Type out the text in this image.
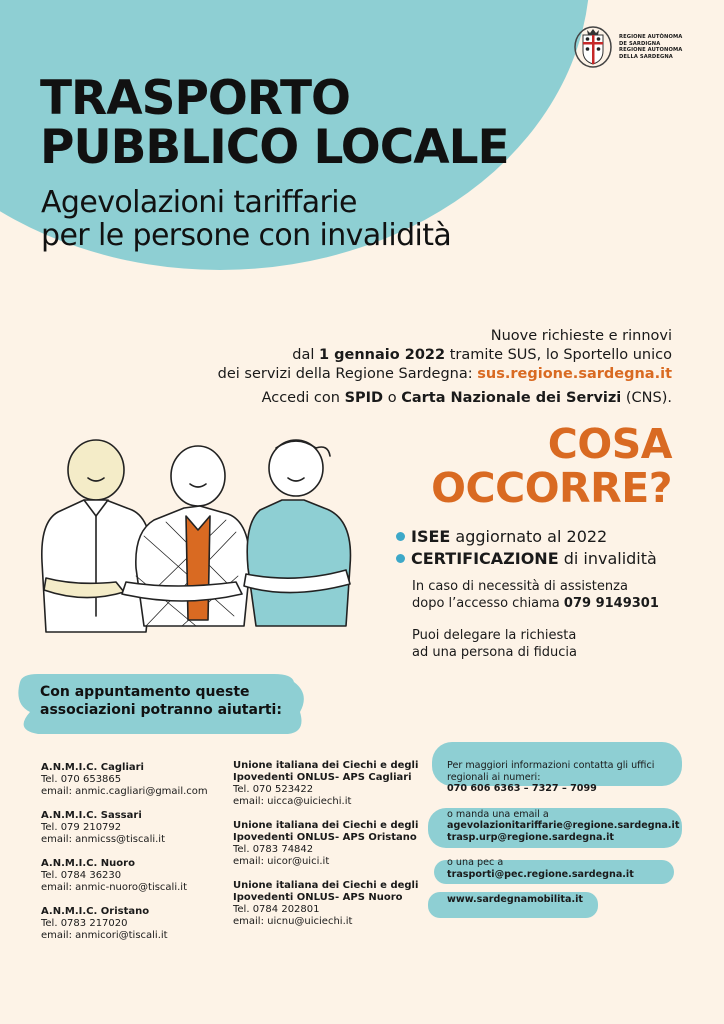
REGIONE AUTÒNOMA
DE SARDIGNA
REGIONE AUTONOMA
DELLA SARDEGNA
TRASPORTO
PUBBLICO LOCALE
Agevolazioni tariffarie
per le persone con invalidità
Nuove richieste e rinnovi
dal 1 gennaio 2022 tramite SUS, lo Sportello unico
dei servizi della Regione Sardegna: sus.regione.sardegna.it
Accedi con SPID o Carta Nazionale dei Servizi (CNS).
COSA
OCCORRE?
ISEE aggiornato al 2022
CERTIFICAZIONE di invalidità
In caso di necessità di assistenza
dopo l’accesso chiama 079 9149301
Puoi delegare la richiesta
ad una persona di fiducia
Con appuntamento queste
associazioni potranno aiutarti:
A.N.M.I.C. Cagliari
Tel. 070 653865
email: anmic.cagliari@gmail.com
A.N.M.I.C. Sassari
Tel. 079 210792
email: anmicss@tiscali.it
A.N.M.I.C. Nuoro
Tel. 0784 36230
email: anmic-nuoro@tiscali.it
A.N.M.I.C. Oristano
Tel. 0783 217020
email: anmicori@tiscali.it
Unione italiana dei Ciechi e degli Ipovedenti ONLUS- APS Cagliari
Tel. 070 523422
email: uicca@uiciechi.it
Unione italiana dei Ciechi e degli Ipovedenti ONLUS- APS Oristano
Tel. 0783 74842
email: uicor@uici.it
Unione italiana dei Ciechi e degli Ipovedenti ONLUS- APS Nuoro
Tel. 0784 202801
email: uicnu@uiciechi.it

Per maggiori informazioni contatta gli uffici regionali ai numeri:
070 606 6363 – 7327 – 7099

o manda una email a
agevolazionitariffarie@regione.sardegna.it
trasp.urp@regione.sardegna.it

o una pec a
trasporti@pec.regione.sardegna.it

www.sardegnamobilita.it
